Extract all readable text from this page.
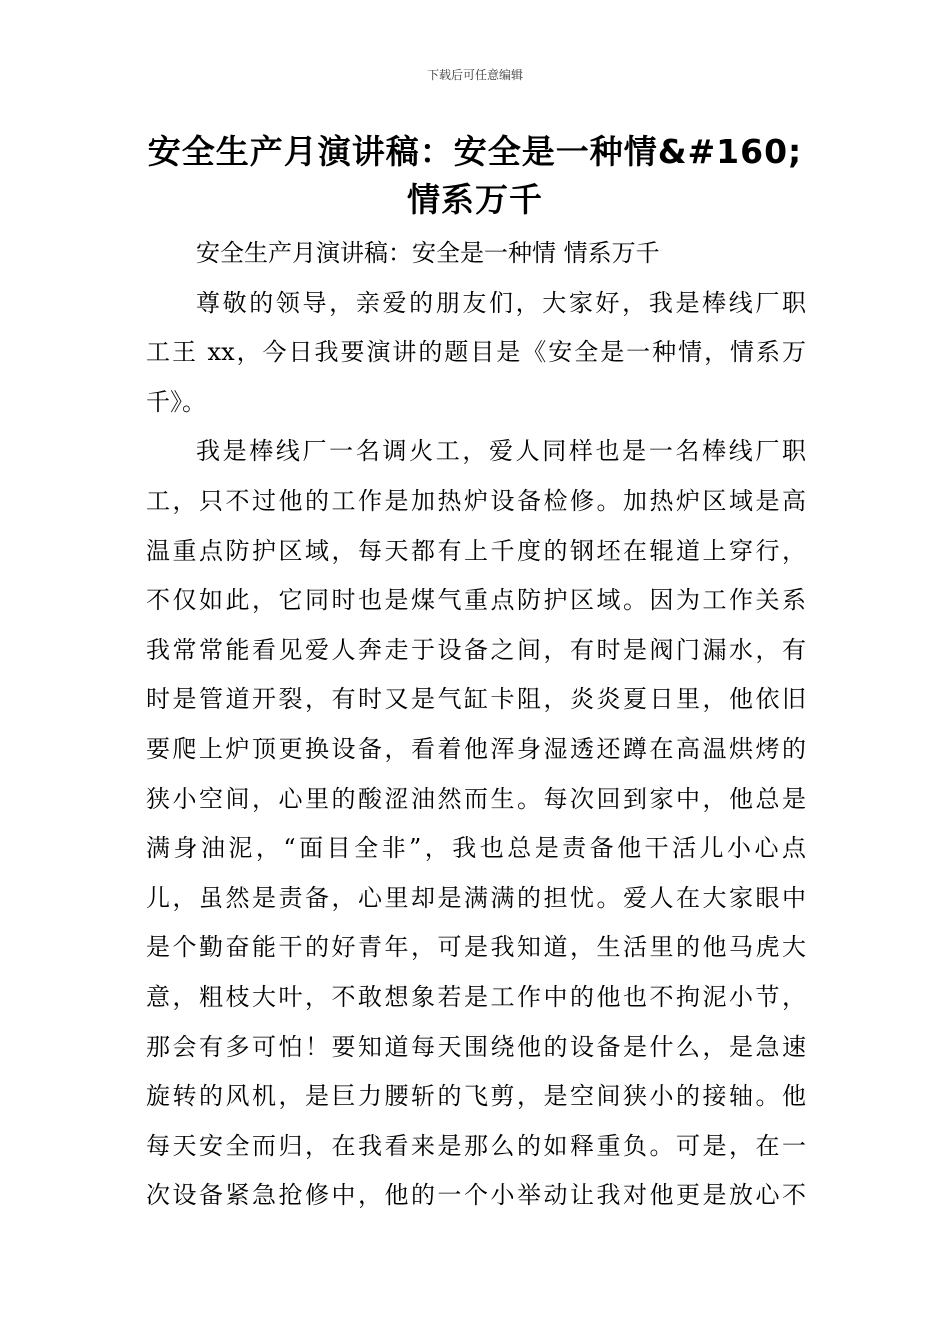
下载后可任意编辑
安全生产月演讲稿：安全是一种情&#160;
情系万千

安全生产月演讲稿：安全是一种情 情系万千

尊敬的领导，亲爱的朋友们，大家好，我是棒线厂职
工王 xx，今日我要演讲的题目是《安全是一种情，情系万
千》。

我是棒线厂一名调火工，爱人同样也是一名棒线厂职
工，只不过他的工作是加热炉设备检修。加热炉区域是高
温重点防护区域，每天都有上千度的钢坯在辊道上穿行，
不仅如此，它同时也是煤气重点防护区域。因为工作关系
我常常能看见爱人奔走于设备之间，有时是阀门漏水，有
时是管道开裂，有时又是气缸卡阻，炎炎夏日里，他依旧
要爬上炉顶更换设备，看着他浑身湿透还蹲在高温烘烤的
狭小空间，心里的酸涩油然而生。每次回到家中，他总是
满身油泥，“面目全非”，我也总是责备他干活儿小心点
儿，虽然是责备，心里却是满满的担忧。爱人在大家眼中
是个勤奋能干的好青年，可是我知道，生活里的他马虎大
意，粗枝大叶，不敢想象若是工作中的他也不拘泥小节，
那会有多可怕！要知道每天围绕他的设备是什么，是急速
旋转的风机，是巨力腰斩的飞剪，是空间狭小的接轴。他
每天安全而归，在我看来是那么的如释重负。可是，在一
次设备紧急抢修中，他的一个小举动让我对他更是放心不
